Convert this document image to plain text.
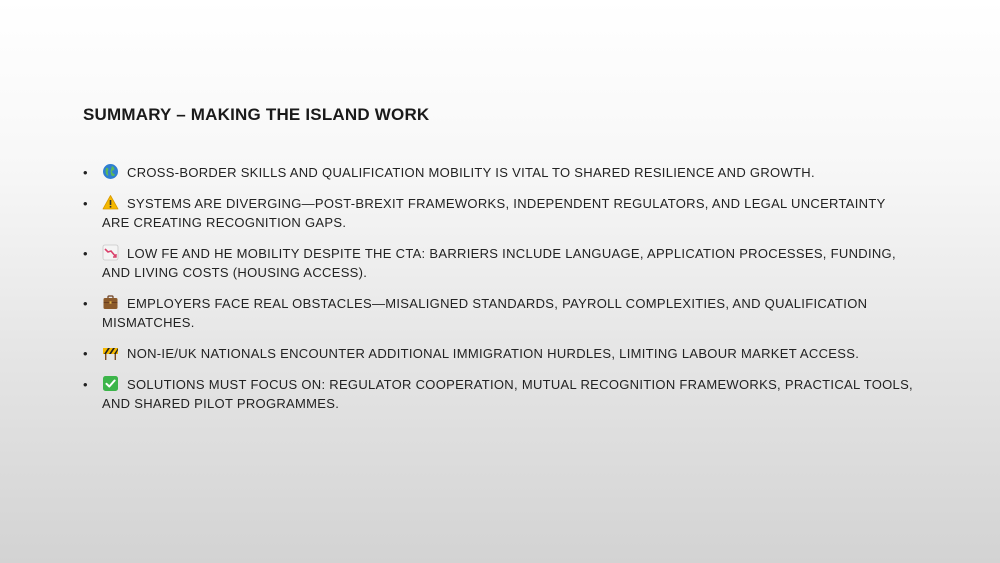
SUMMARY – MAKING THE ISLAND WORK
•	CROSS-BORDER SKILLS AND QUALIFICATION MOBILITY IS VITAL TO SHARED RESILIENCE AND GROWTH.
•	SYSTEMS ARE DIVERGING—POST-BREXIT FRAMEWORKS, INDEPENDENT REGULATORS, AND LEGAL UNCERTAINTY ARE CREATING RECOGNITION GAPS.
•	LOW FE AND HE MOBILITY DESPITE THE CTA: BARRIERS INCLUDE LANGUAGE, APPLICATION PROCESSES, FUNDING, AND LIVING COSTS (HOUSING ACCESS).
•	EMPLOYERS FACE REAL OBSTACLES—MISALIGNED STANDARDS, PAYROLL COMPLEXITIES, AND QUALIFICATION MISMATCHES.
•	NON-IE/UK NATIONALS ENCOUNTER ADDITIONAL IMMIGRATION HURDLES, LIMITING LABOUR MARKET ACCESS.
•	SOLUTIONS MUST FOCUS ON: REGULATOR COOPERATION, MUTUAL RECOGNITION FRAMEWORKS, PRACTICAL TOOLS, AND SHARED PILOT PROGRAMMES.
